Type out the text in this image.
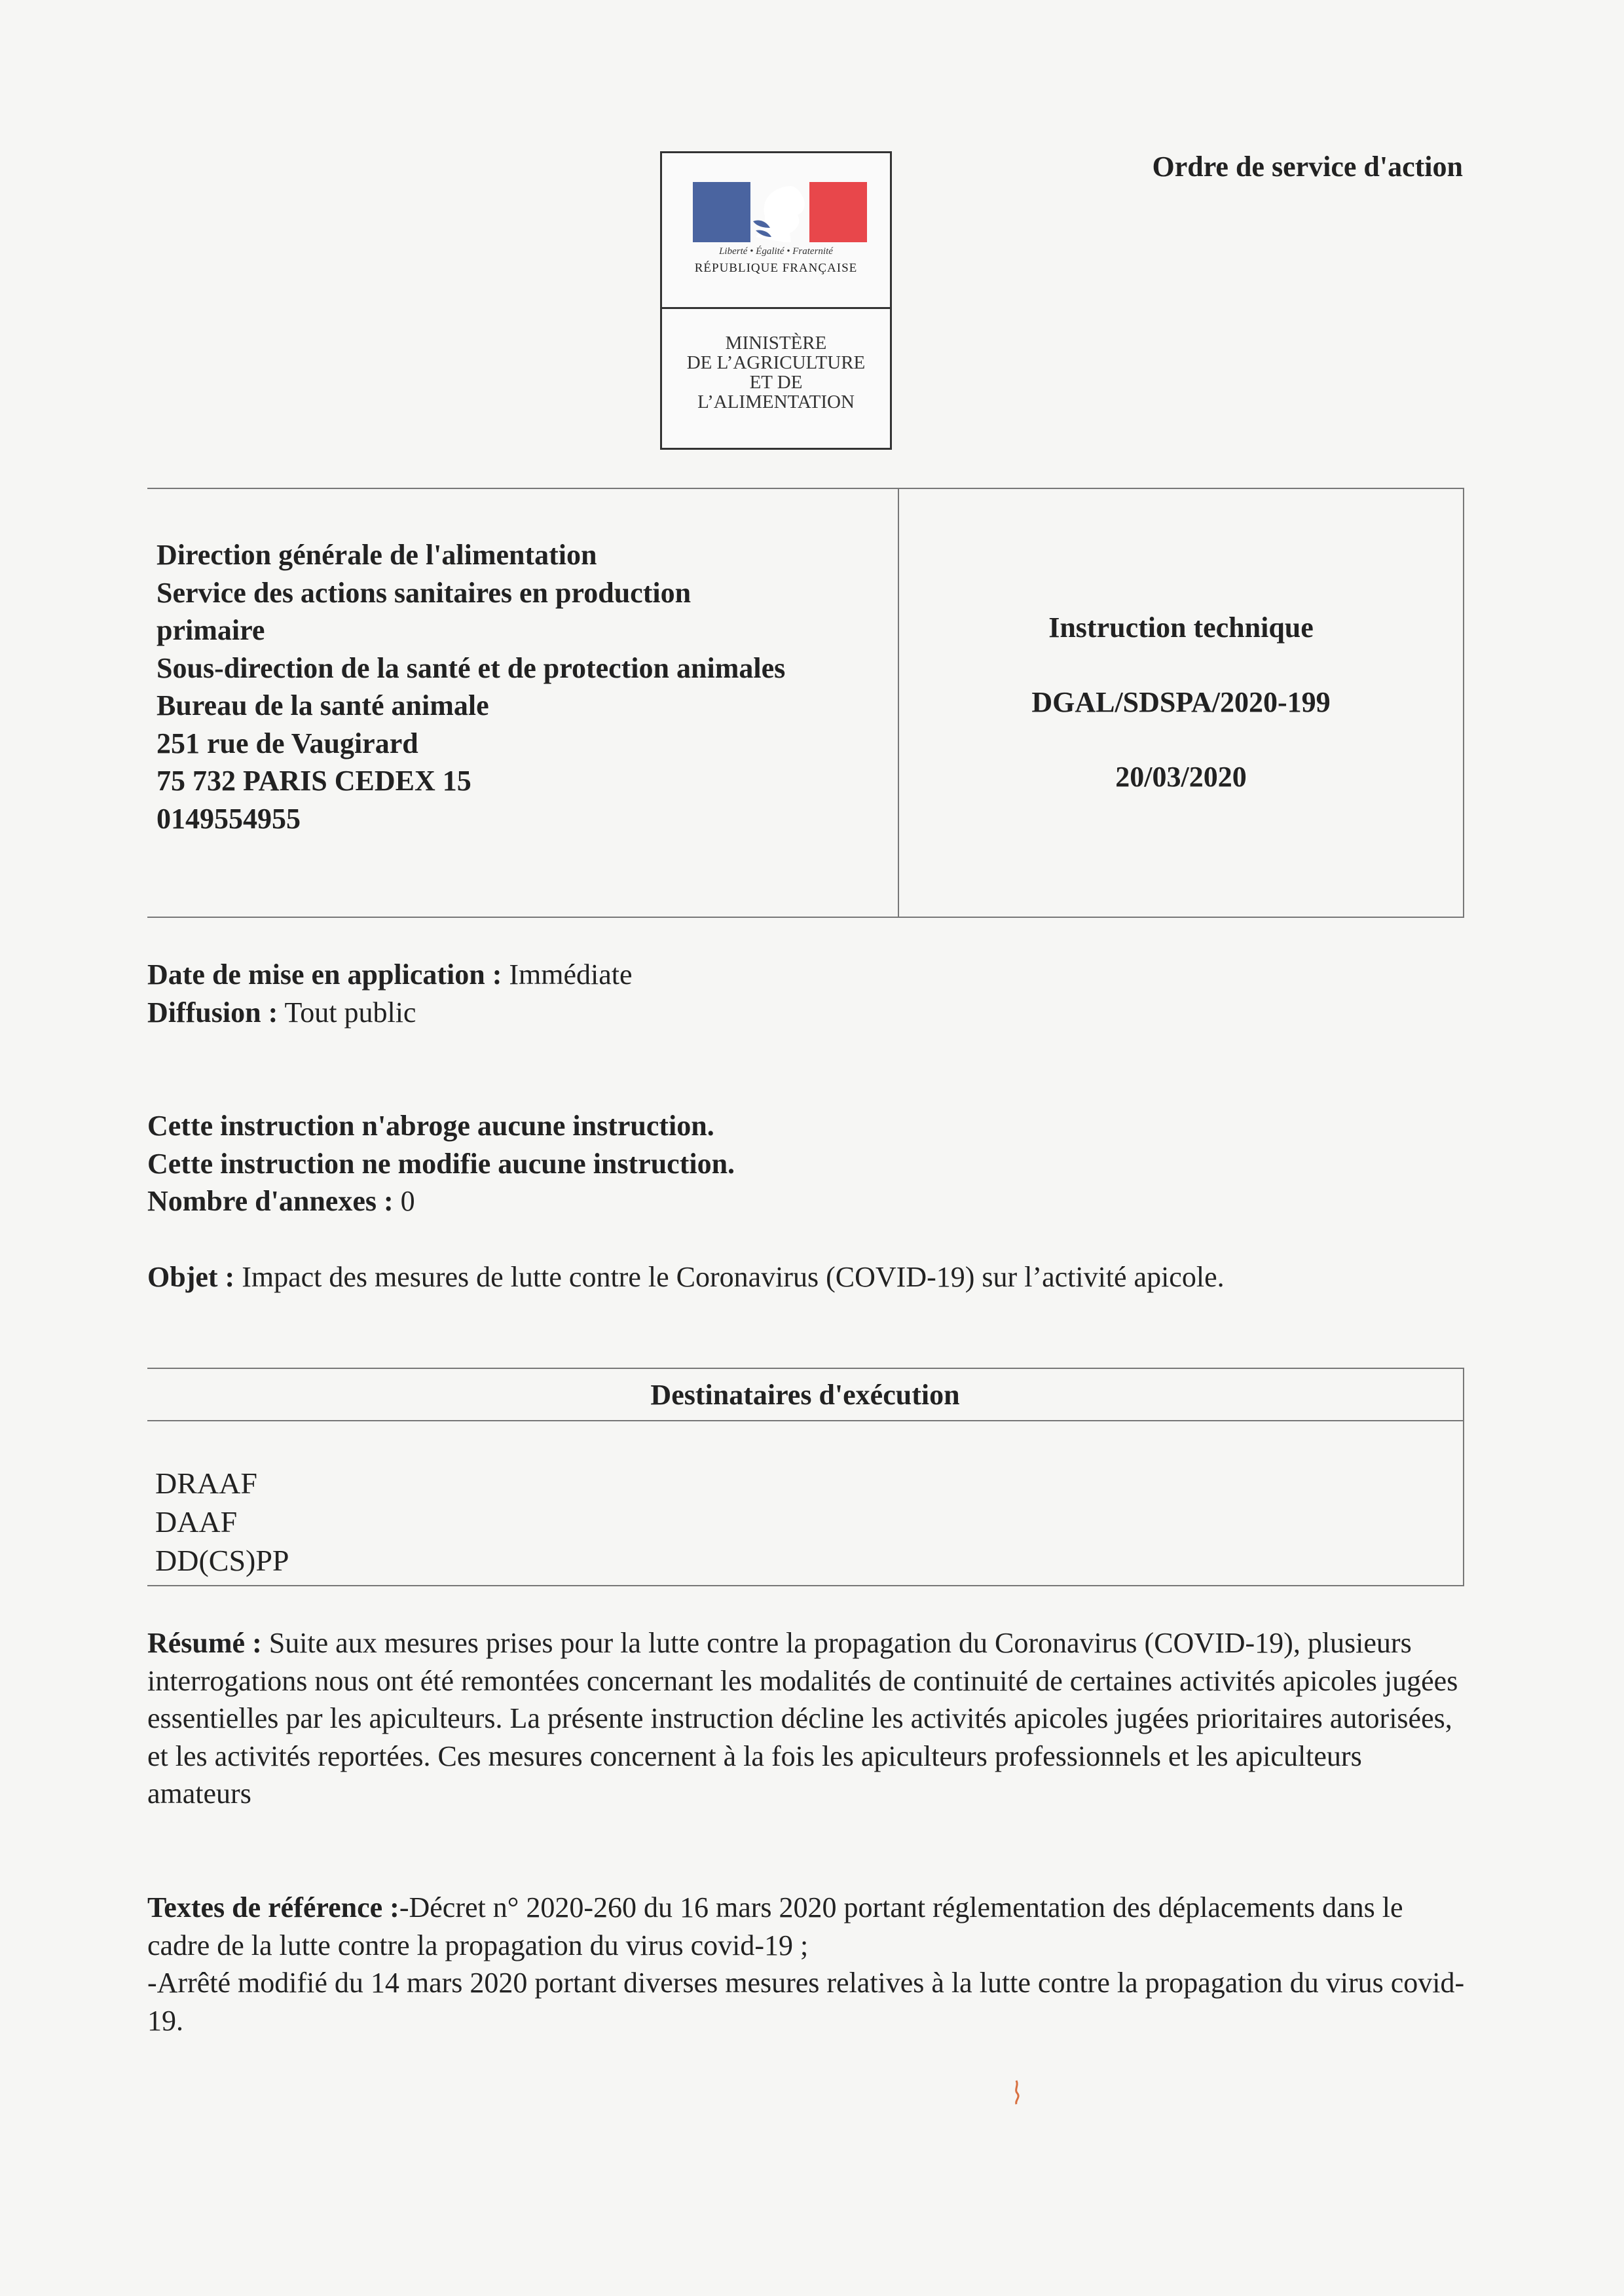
Liberté • Égalité • Fraternité
RÉPUBLIQUE FRANÇAISE
MINISTÈRE
DE L’AGRICULTURE
ET DE
L’ALIMENTATION
Ordre de service d'action
Direction générale de l'alimentation
Service des actions sanitaires en production
primaire
Sous-direction de la santé et de protection animales
Bureau de la santé animale
251 rue de Vaugirard
75 732 PARIS CEDEX 15
0149554955
Instruction technique
DGAL/SDSPA/2020-199
20/03/2020
Date de mise en application : Immédiate
Diffusion : Tout public
Cette instruction n'abroge aucune instruction.
Cette instruction ne modifie aucune instruction.
Nombre d'annexes : 0
Objet : Impact des mesures de lutte contre le Coronavirus (COVID-19) sur l’activité apicole.
Destinataires d'exécution
DRAAF
DAAF
DD(CS)PP
Résumé : Suite aux mesures prises pour la lutte contre la propagation du Coronavirus (COVID-19), plusieurs interrogations nous ont été remontées concernant les modalités de continuité de certaines activités apicoles jugées essentielles par les apiculteurs. La présente instruction décline les activités apicoles jugées prioritaires autorisées, et les activités reportées. Ces mesures concernent à la fois les apiculteurs professionnels et les apiculteurs amateurs
Textes de référence :-Décret n° 2020-260 du 16 mars 2020 portant réglementation des déplacements dans le cadre de la lutte contre la propagation du virus covid-19 ;
-Arrêté modifié du 14 mars 2020 portant diverses mesures relatives à la lutte contre la propagation du virus covid-19.
